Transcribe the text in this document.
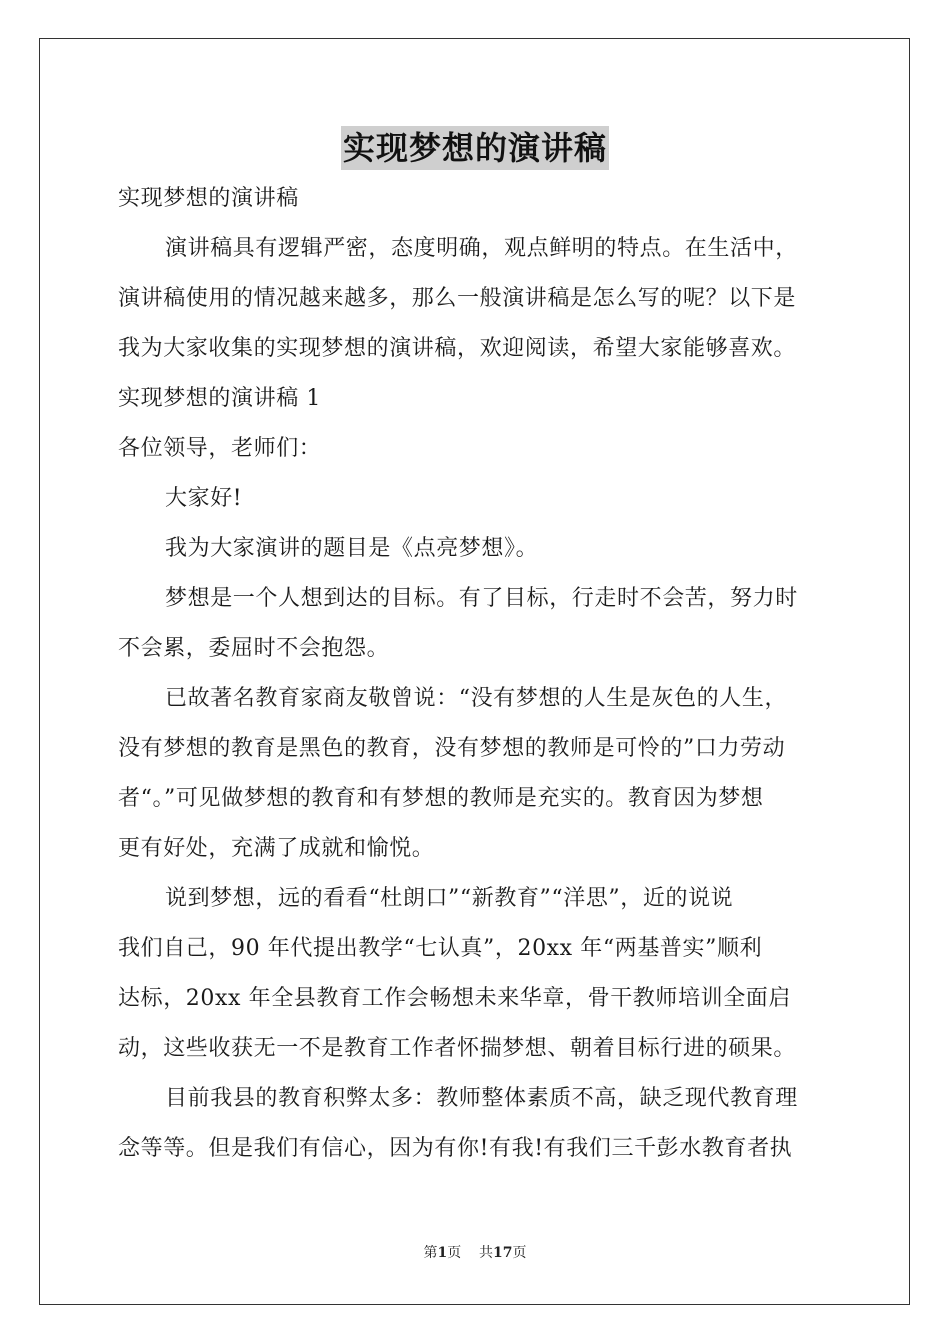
实现梦想的演讲稿

实现梦想的演讲稿

演讲稿具有逻辑严密，态度明确，观点鲜明的特点。在生活中，

演讲稿使用的情况越来越多，那么一般演讲稿是怎么写的呢？以下是

我为大家收集的实现梦想的演讲稿，欢迎阅读，希望大家能够喜欢。

实现梦想的演讲稿 1

各位领导，老师们：

大家好!

我为大家演讲的题目是《点亮梦想》。

梦想是一个人想到达的目标。有了目标，行走时不会苦，努力时

不会累，委屈时不会抱怨。

已故著名教育家商友敬曾说：“没有梦想的人生是灰色的人生，

没有梦想的教育是黑色的教育，没有梦想的教师是可怜的”口力劳动

者“。”可见做梦想的教育和有梦想的教师是充实的。教育因为梦想

更有好处，充满了成就和愉悦。

说到梦想，远的看看“杜朗口”“新教育”“洋思”，近的说说

我们自己，90 年代提出教学“七认真”，20xx 年“两基普实”顺利

达标，20xx 年全县教育工作会畅想未来华章，骨干教师培训全面启

动，这些收获无一不是教育工作者怀揣梦想、朝着目标行进的硕果。

目前我县的教育积弊太多：教师整体素质不高，缺乏现代教育理

念等等。但是我们有信心，因为有你!有我!有我们三千彭水教育者执

第1页 共17页
